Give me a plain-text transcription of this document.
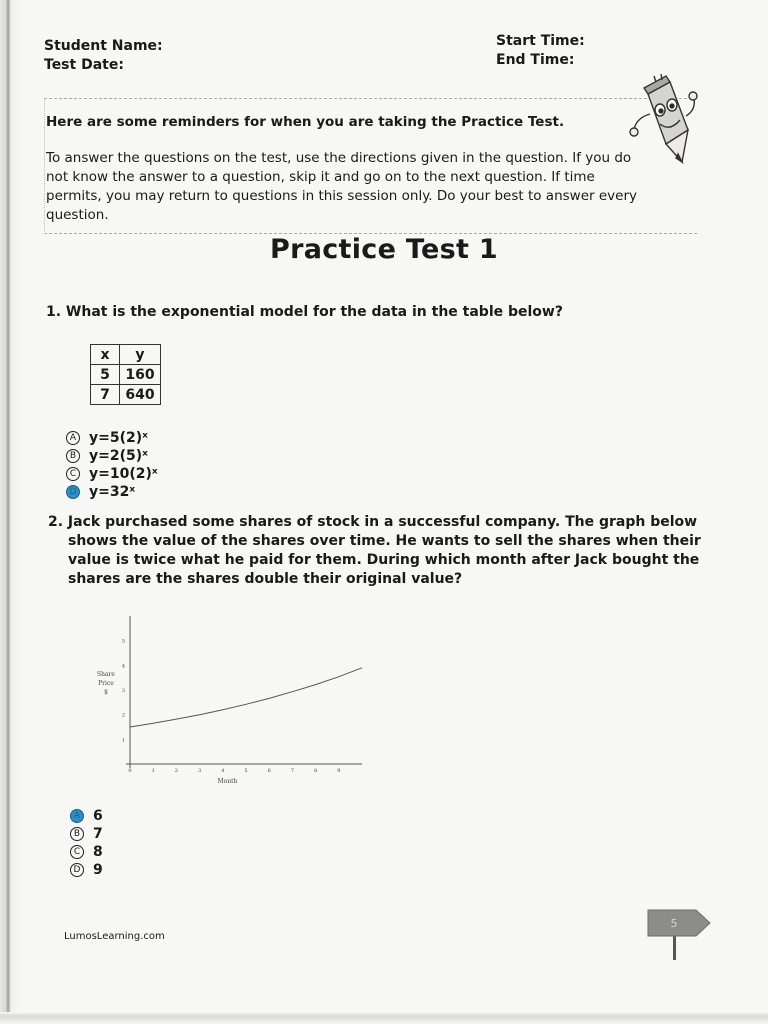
Student Name:
Test Date:
Start Time:
End Time:
Here are some reminders for when you are taking the Practice Test.
To answer the questions on the test, use the directions given in the question. If you do not know the answer to a question, skip it and go on to the next question. If time permits, you may return to questions in this session only. Do your best to answer every question.
Practice Test 1
1. What is the exponential model for the data in the table below?
x	y
5	160
7	640
A y=5(2)ˣ
B y=2(5)ˣ
C y=10(2)ˣ
D y=32ˣ
2. Jack purchased some shares of stock in a successful company. The graph below shows the value of the shares over time. He wants to sell the shares when their value is twice what he paid for them. During which month after Jack bought the shares are the shares double their original value?
1
2
3
4
5
0	1	2	3	4	5	6	7	8	9
Share
Price
$
Month
A 6
B 7
C 8
D 9
LumosLearning.com
5
